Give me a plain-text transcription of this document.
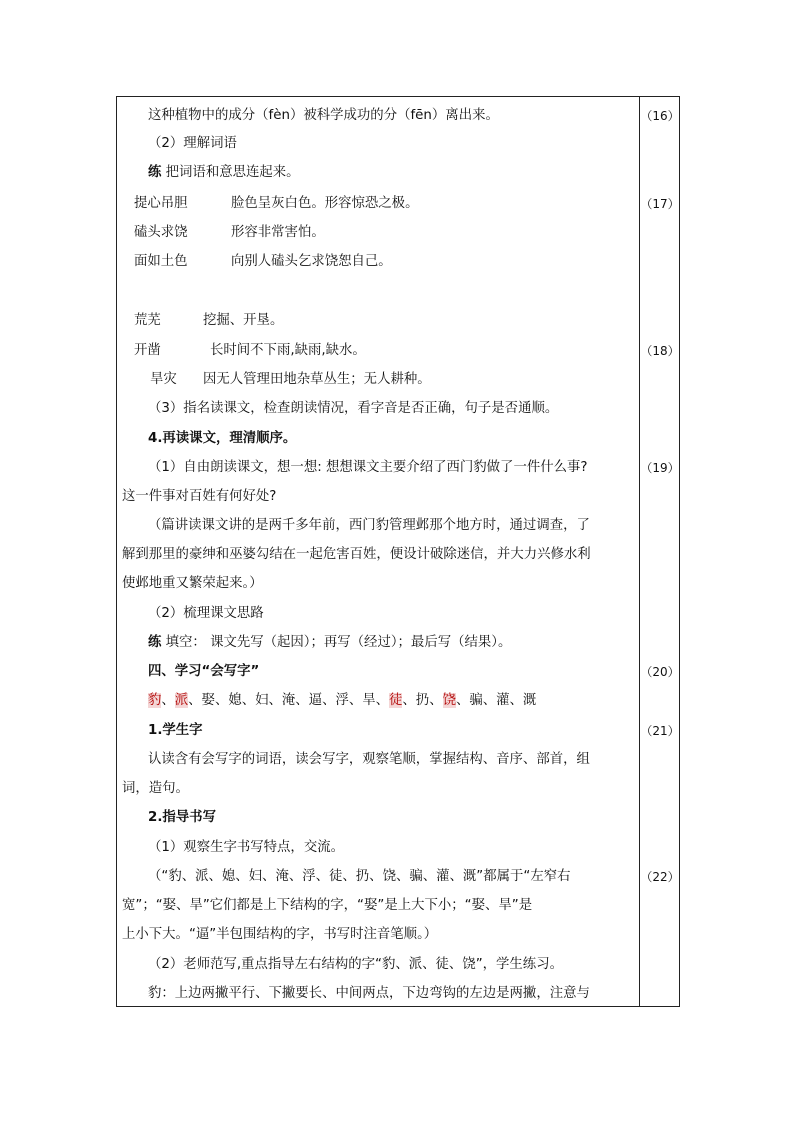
这种植物中的成分（fèn）被科学成功的分（fēn）离出来。
（2）理解词语
练 把词语和意思连起来。
提心吊胆	脸色呈灰白色。形容惊恐之极。
磕头求饶	形容非常害怕。
面如土色	向别人磕头乞求饶恕自己。
荒芜	挖掘、开垦。
开凿	长时间不下雨,缺雨,缺水。
旱灾 因无人管理田地杂草丛生；无人耕种。
（3）指名读课文，检查朗读情况，看字音是否正确，句子是否通顺。
4.再读课文，理清顺序。
（1）自由朗读课文，想一想: 想想课文主要介绍了西门豹做了一件什么事?
这一件事对百姓有何好处?
（篇讲读课文讲的是两千多年前，西门豹管理邺那个地方时，通过调查，了
解到那里的豪绅和巫婆勾结在一起危害百姓，便设计破除迷信，并大力兴修水利
使邺地重又繁荣起来。）
（2）梳理课文思路
练 填空： 课文先写（起因）；再写（经过）；最后写（结果）。
四、学习“会写字”
豹、派、娶、媳、妇、淹、逼、浮、旱、徒、扔、饶、骗、灌、溉
1.学生字
认读含有会写字的词语，读会写字，观察笔顺，掌握结构、音序、部首，组
词，造句。
2.指导书写
（1）观察生字书写特点，交流。
（“豹、派、媳、妇、淹、浮、徒、扔、饶、骗、灌、溉”都属于“左窄右
宽”；“娶、旱”它们都是上下结构的字，“娶”是上大下小；“娶、旱”是
上小下大。“逼”半包围结构的字，书写时注音笔顺。）
（2）老师范写,重点指导左右结构的字“豹、派、徒、饶”，学生练习。
豹：上边两撇平行、下撇要长、中间两点，下边弯钩的左边是两撇，注意与
（16）
（17）
（18）
（19）
（20）
（21）
（22）
